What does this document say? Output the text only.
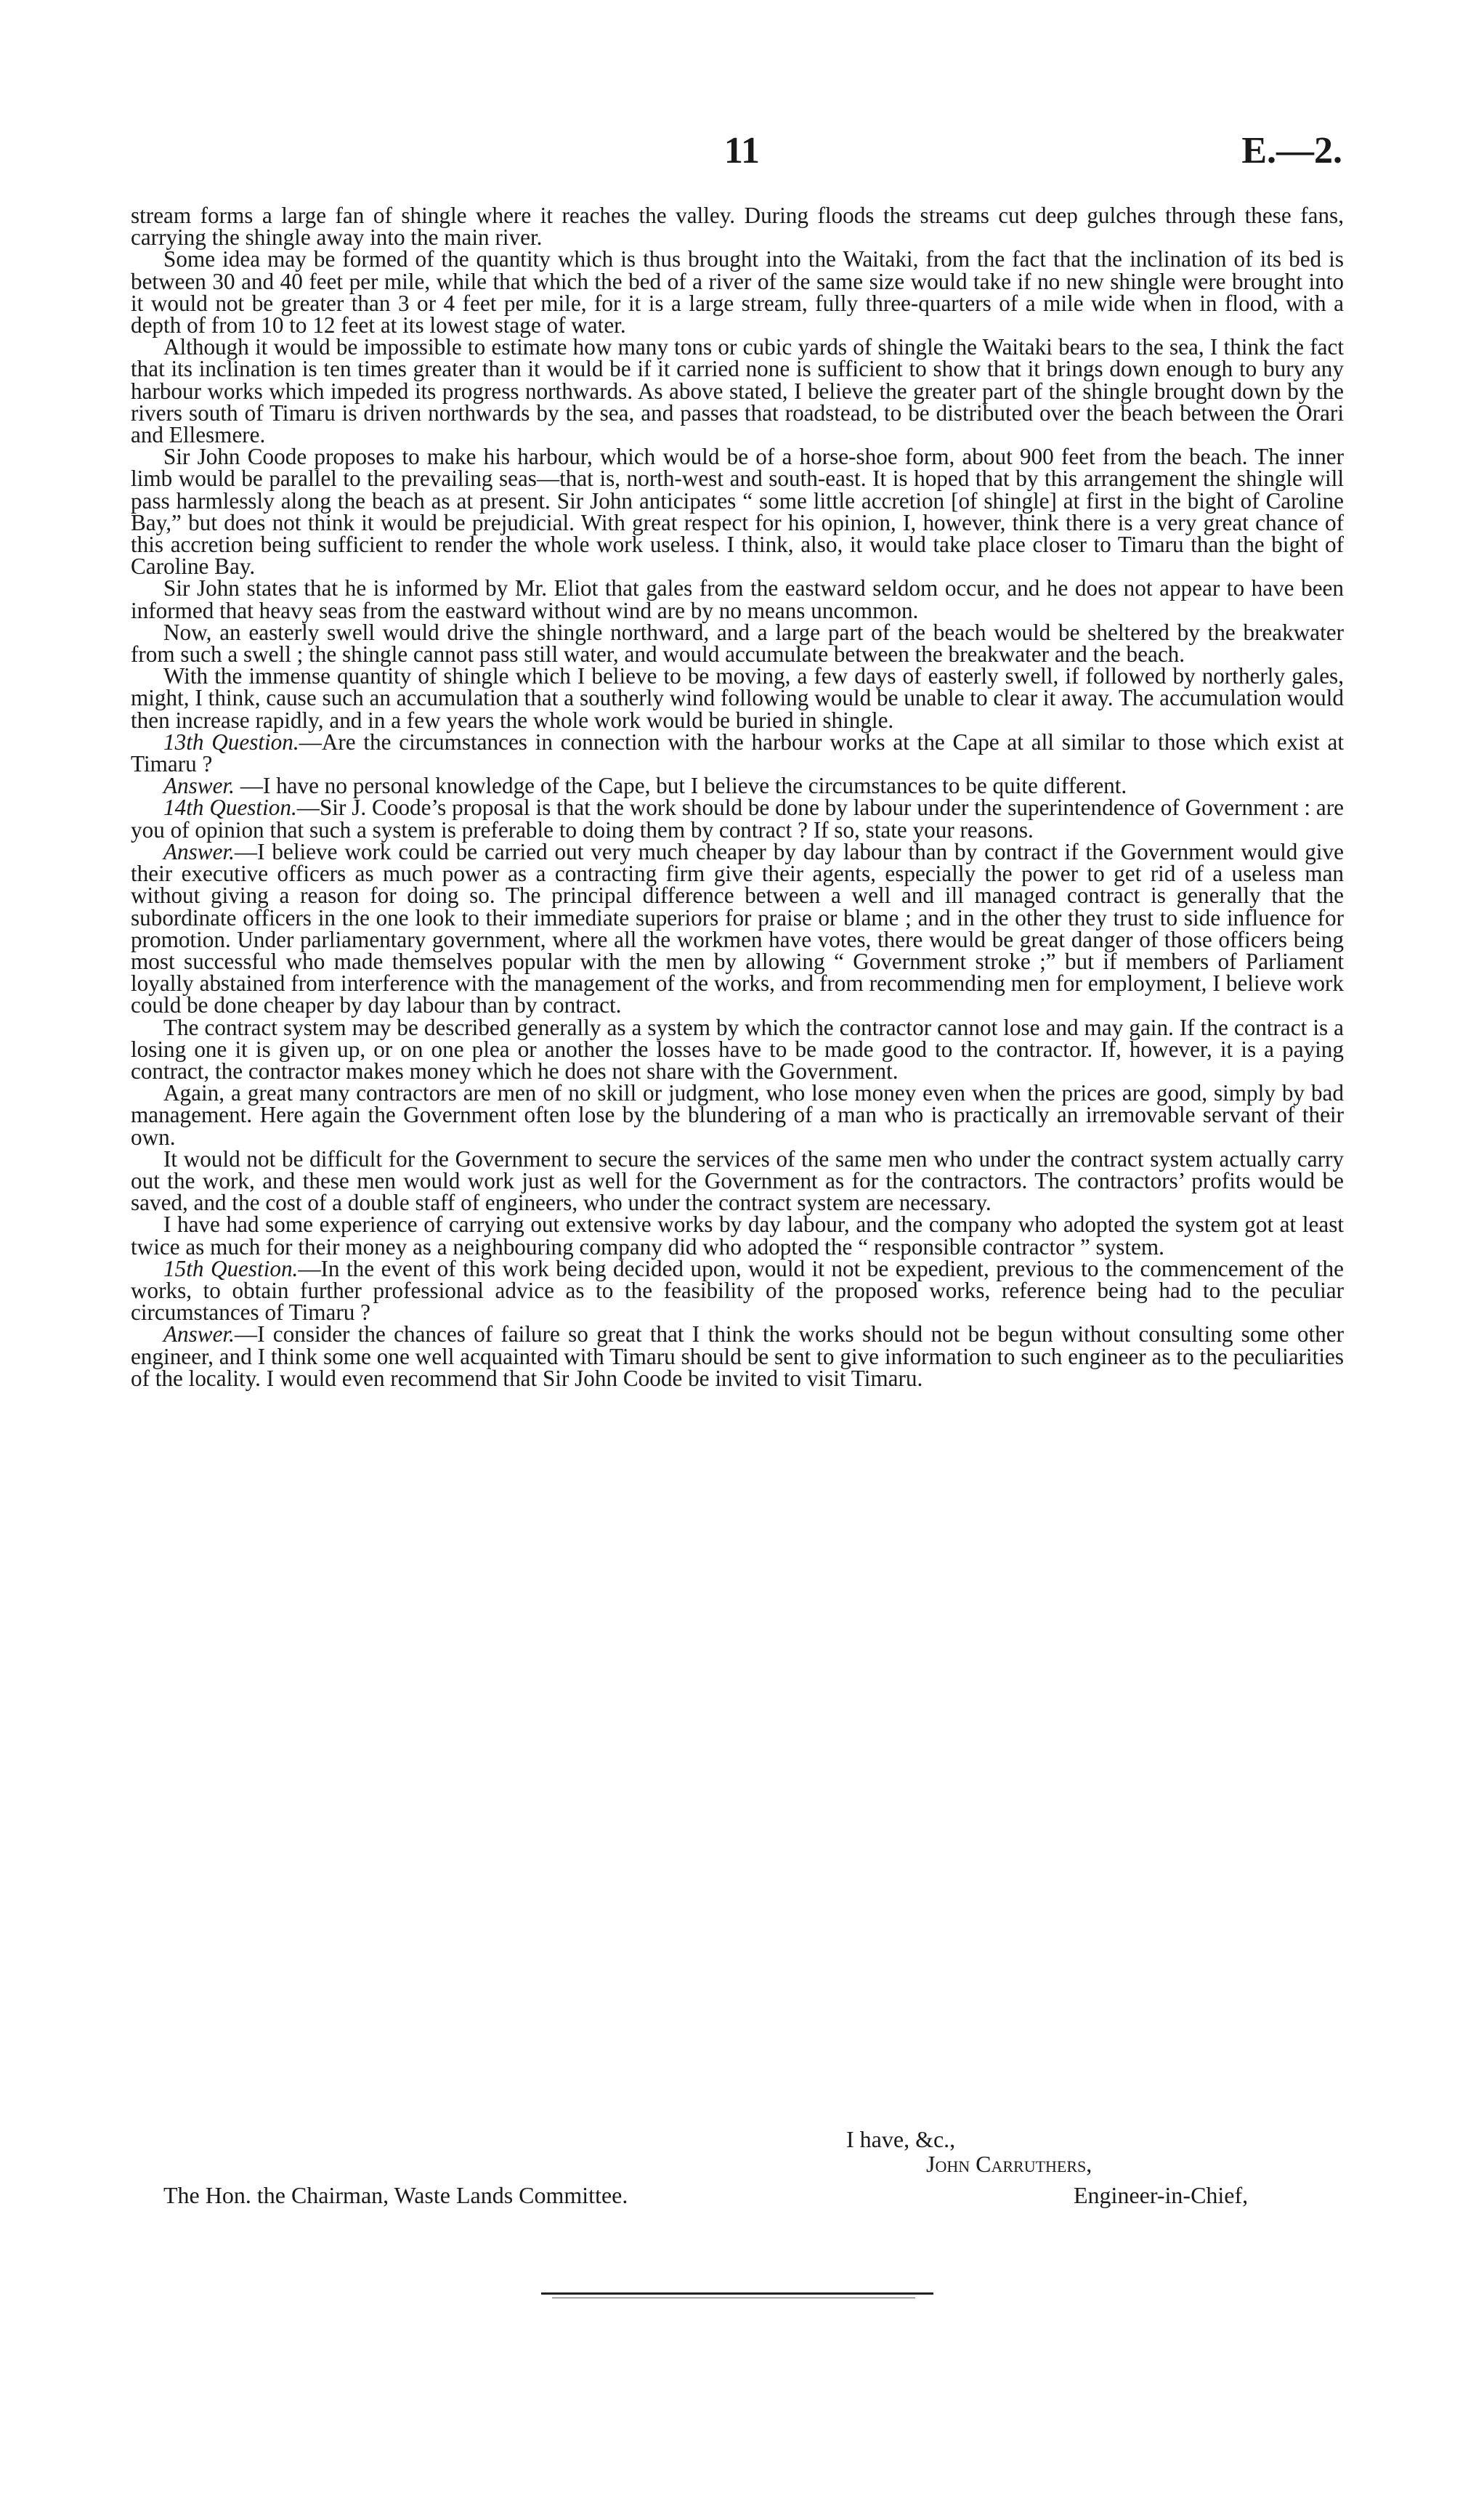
11	E.—2.

stream forms a large fan of shingle where it reaches the valley. During floods the streams cut deep gulches through these fans, carrying the shingle away into the main river.

Some idea may be formed of the quantity which is thus brought into the Waitaki, from the fact that the inclination of its bed is between 30 and 40 feet per mile, while that which the bed of a river of the same size would take if no new shingle were brought into it would not be greater than 3 or 4 feet per mile, for it is a large stream, fully three-quarters of a mile wide when in flood, with a depth of from 10 to 12 feet at its lowest stage of water.

Although it would be impossible to estimate how many tons or cubic yards of shingle the Waitaki bears to the sea, I think the fact that its inclination is ten times greater than it would be if it carried none is sufficient to show that it brings down enough to bury any harbour works which impeded its progress northwards. As above stated, I believe the greater part of the shingle brought down by the rivers south of Timaru is driven northwards by the sea, and passes that roadstead, to be distributed over the beach between the Orari and Ellesmere.

Sir John Coode proposes to make his harbour, which would be of a horse-shoe form, about 900 feet from the beach. The inner limb would be parallel to the prevailing seas—that is, north-west and south-east. It is hoped that by this arrangement the shingle will pass harmlessly along the beach as at present. Sir John anticipates “ some little accretion [of shingle] at first in the bight of Caroline Bay,” but does not think it would be prejudicial. With great respect for his opinion, I, however, think there is a very great chance of this accretion being sufficient to render the whole work useless. I think, also, it would take place closer to Timaru than the bight of Caroline Bay.

Sir John states that he is informed by Mr. Eliot that gales from the eastward seldom occur, and he does not appear to have been informed that heavy seas from the eastward without wind are by no means uncommon.

Now, an easterly swell would drive the shingle northward, and a large part of the beach would be sheltered by the breakwater from such a swell ; the shingle cannot pass still water, and would accumulate between the breakwater and the beach.

With the immense quantity of shingle which I believe to be moving, a few days of easterly swell, if followed by northerly gales, might, I think, cause such an accumulation that a southerly wind following would be unable to clear it away. The accumulation would then increase rapidly, and in a few years the whole work would be buried in shingle.

13th Question.—Are the circumstances in connection with the harbour works at the Cape at all similar to those which exist at Timaru ?

Answer. —I have no personal knowledge of the Cape, but I believe the circumstances to be quite different.

14th Question.—Sir J. Coode’s proposal is that the work should be done by labour under the superintendence of Government : are you of opinion that such a system is preferable to doing them by contract ? If so, state your reasons.

Answer.—I believe work could be carried out very much cheaper by day labour than by contract if the Government would give their executive officers as much power as a contracting firm give their agents, especially the power to get rid of a useless man without giving a reason for doing so. The principal difference between a well and ill managed contract is generally that the subordinate officers in the one look to their immediate superiors for praise or blame ; and in the other they trust to side influence for promotion. Under parliamentary government, where all the workmen have votes, there would be great danger of those officers being most successful who made themselves popular with the men by allowing “ Government stroke ;” but if members of Parliament loyally abstained from interference with the management of the works, and from recommending men for employment, I believe work could be done cheaper by day labour than by contract.

The contract system may be described generally as a system by which the contractor cannot lose and may gain. If the contract is a losing one it is given up, or on one plea or another the losses have to be made good to the contractor. If, however, it is a paying contract, the contractor makes money which he does not share with the Government.

Again, a great many contractors are men of no skill or judgment, who lose money even when the prices are good, simply by bad management. Here again the Government often lose by the blundering of a man who is practically an irremovable servant of their own.

It would not be difficult for the Government to secure the services of the same men who under the contract system actually carry out the work, and these men would work just as well for the Government as for the contractors. The contractors’ profits would be saved, and the cost of a double staff of engineers, who under the contract system are necessary.

I have had some experience of carrying out extensive works by day labour, and the company who adopted the system got at least twice as much for their money as a neighbouring company did who adopted the “ responsible contractor ” system.

15th Question.—In the event of this work being decided upon, would it not be expedient, previous to the commencement of the works, to obtain further professional advice as to the feasibility of the proposed works, reference being had to the peculiar circumstances of Timaru ?

Answer.—I consider the chances of failure so great that I think the works should not be begun without consulting some other engineer, and I think some one well acquainted with Timaru should be sent to give information to such engineer as to the peculiarities of the locality. I would even recommend that Sir John Coode be invited to visit Timaru.

I have, &c.,
John Carruthers,
The Hon. the Chairman, Waste Lands Committee.	Engineer-in-Chief,
